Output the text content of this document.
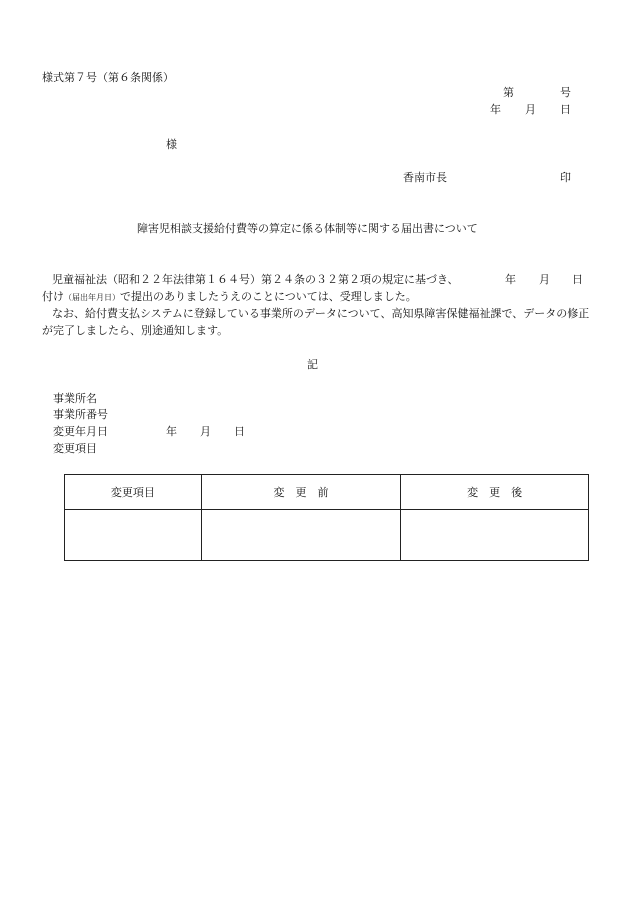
様式第７号（第６条関係）
第	号
年 月 日
様
香南市長	印
障害児相談支援給付費等の算定に係る体制等に関する届出書について
児童福祉法（昭和２２年法律第１６４号）第２４条の３２第２項の規定に基づき、	年 月 日
付け（届出年月日）で提出のありましたうえのことについては、受理しました。
なお、給付費支払システムに登録している事業所のデータについて、高知県障害保健福祉課で、データの修正
が完了しましたら、別途通知します。
記
事業所名
事業所番号
変更年月日	年 月 日
変更項目
変更項目	変　更　前	変　更　後
